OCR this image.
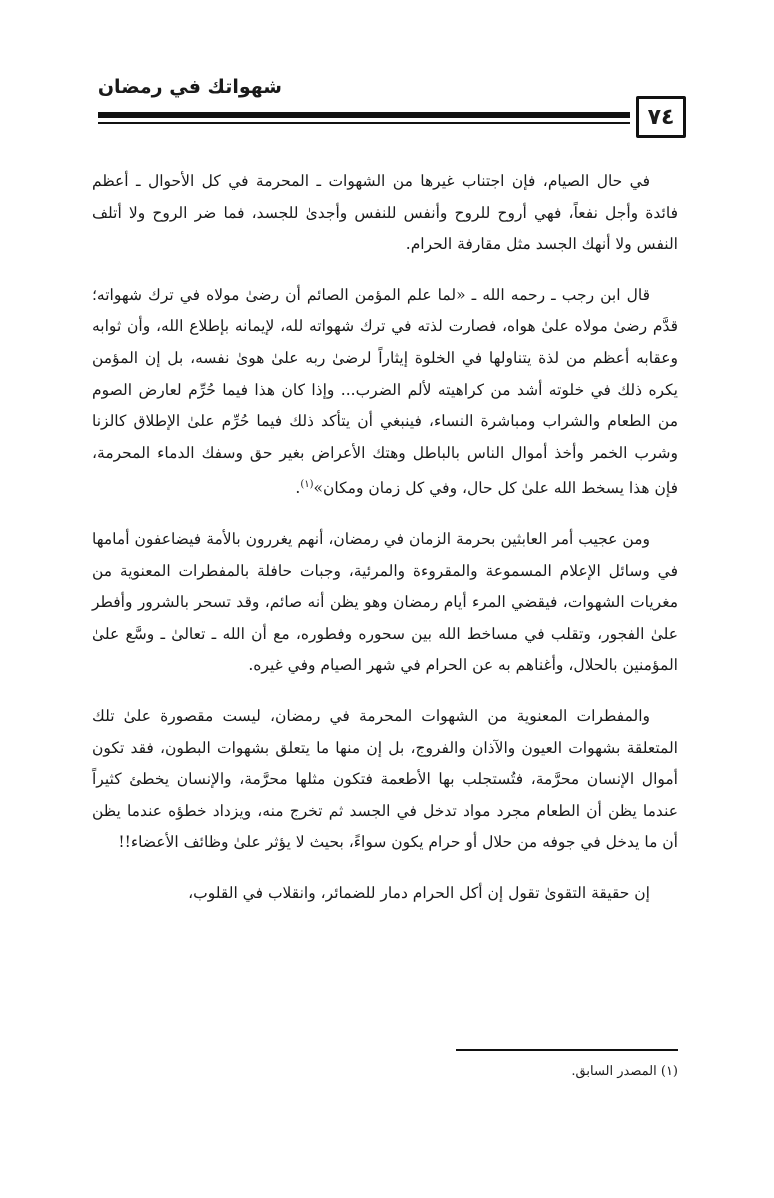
شهواتك في رمضان
٧٤

في حال الصيام، فإن اجتناب غيرها من الشهوات ـ المحرمة في كل الأحوال ـ أعظم فائدة وأجل نفعاً، فهي أروح للروح وأنفس للنفس وأجدىٰ للجسد، فما ضر الروح ولا أتلف النفس ولا أنهك الجسد مثل مقارفة الحرام.

قال ابن رجب ـ رحمه الله ـ «لما علم المؤمن الصائم أن رضىٰ مولاه في ترك شهواته؛ قدَّم رضىٰ مولاه علىٰ هواه، فصارت لذته في ترك شهواته لله، لإيمانه بإطلاع الله، وأن ثوابه وعقابه أعظم من لذة يتناولها في الخلوة إيثاراً لرضىٰ ربه علىٰ هوىٰ نفسه، بل إن المؤمن يكره ذلك في خلوته أشد من كراهيته لألم الضرب... وإذا كان هذا فيما حُرِّم لعارض الصوم من الطعام والشراب ومباشرة النساء، فينبغي أن يتأكد ذلك فيما حُرِّم علىٰ الإطلاق كالزنا وشرب الخمر وأخذ أموال الناس بالباطل وهتك الأعراض بغير حق وسفك الدماء المحرمة، فإن هذا يسخط الله علىٰ كل حال، وفي كل زمان ومكان»$^{(١)}$.

ومن عجيب أمر العابثين بحرمة الزمان في رمضان، أنهم يغررون بالأمة فيضاعفون أمامها في وسائل الإعلام المسموعة والمقروءة والمرئية، وجبات حافلة بالمفطرات المعنوية من مغريات الشهوات، فيقضي المرء أيام رمضان وهو يظن أنه صائم، وقد تسحر بالشرور وأفطر علىٰ الفجور، وتقلب في مساخط الله بين سحوره وفطوره، مع أن الله ـ تعالىٰ ـ وسَّع علىٰ المؤمنين بالحلال، وأغناهم به عن الحرام في شهر الصيام وفي غيره.

والمفطرات المعنوية من الشهوات المحرمة في رمضان، ليست مقصورة علىٰ تلك المتعلقة بشهوات العيون والآذان والفروج، بل إن منها ما يتعلق بشهوات البطون، فقد تكون أموال الإنسان محرَّمة، فتُستجلب بها الأطعمة فتكون مثلها محرَّمة، والإنسان يخطئ كثيراً عندما يظن أن الطعام مجرد مواد تدخل في الجسد ثم تخرج منه، ويزداد خطؤه عندما يظن أن ما يدخل في جوفه من حلال أو حرام يكون سواءً، بحيث لا يؤثر علىٰ وظائف الأعضاء!!

إن حقيقة التقوىٰ تقول إن أكل الحرام دمار للضمائر، وانقلاب في القلوب،

(١) المصدر السابق.
